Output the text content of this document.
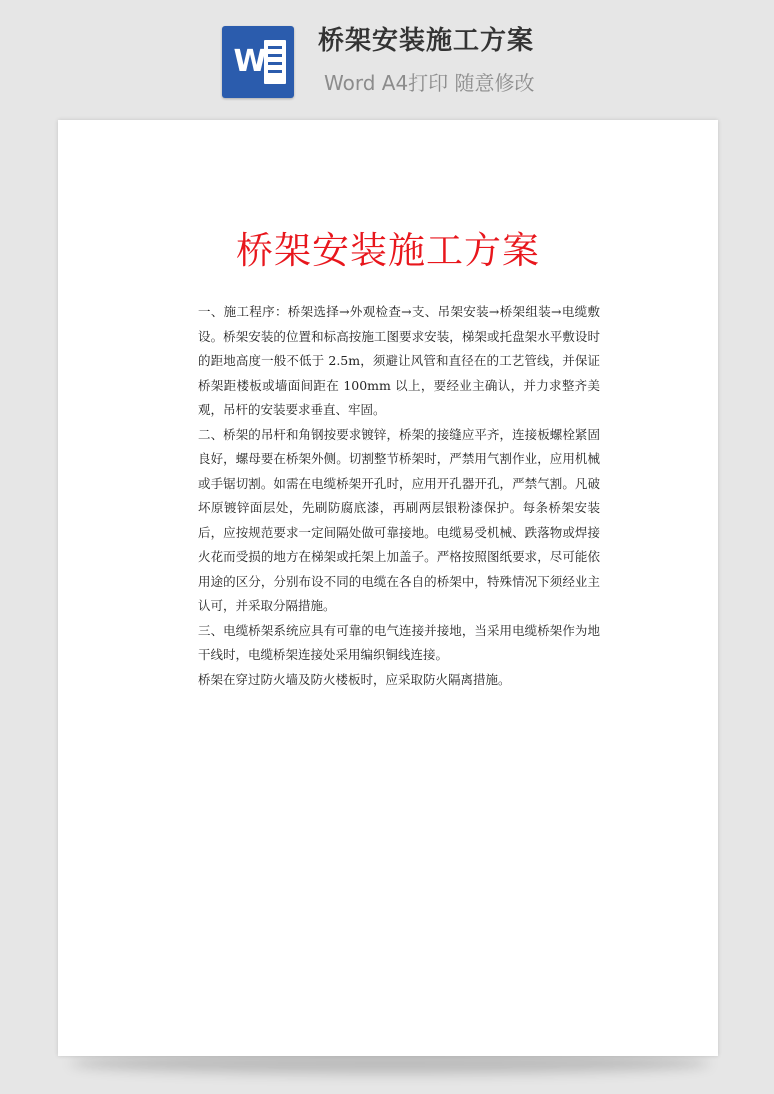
W
桥架安装施工方案
Word A4打印 随意修改
桥架安装施工方案

一、施工程序：桥架选择→外观检查→支、吊架安装→桥架组装→电缆敷设。桥架安装的位置和标高按施工图要求安装，梯架或托盘架水平敷设时的距地高度一般不低于 2.5m，须避让风管和直径在的工艺管线，并保证桥架距楼板或墙面间距在 100mm 以上，要经业主确认，并力求整齐美观，吊杆的安装要求垂直、牢固。

二、桥架的吊杆和角钢按要求镀锌，桥架的接缝应平齐，连接板螺栓紧固良好，螺母要在桥架外侧。切割整节桥架时，严禁用气割作业，应用机械或手锯切割。如需在电缆桥架开孔时，应用开孔器开孔，严禁气割。凡破坏原镀锌面层处，先刷防腐底漆，再刷两层银粉漆保护。每条桥架安装后，应按规范要求一定间隔处做可靠接地。电缆易受机械、跌落物或焊接火花而受损的地方在梯架或托架上加盖子。严格按照图纸要求，尽可能依用途的区分，分别布设不同的电缆在各自的桥架中，特殊情况下须经业主认可，并采取分隔措施。

三、电缆桥架系统应具有可靠的电气连接并接地，当采用电缆桥架作为地干线时，电缆桥架连接处采用编织铜线连接。

桥架在穿过防火墙及防火楼板时，应采取防火隔离措施。
